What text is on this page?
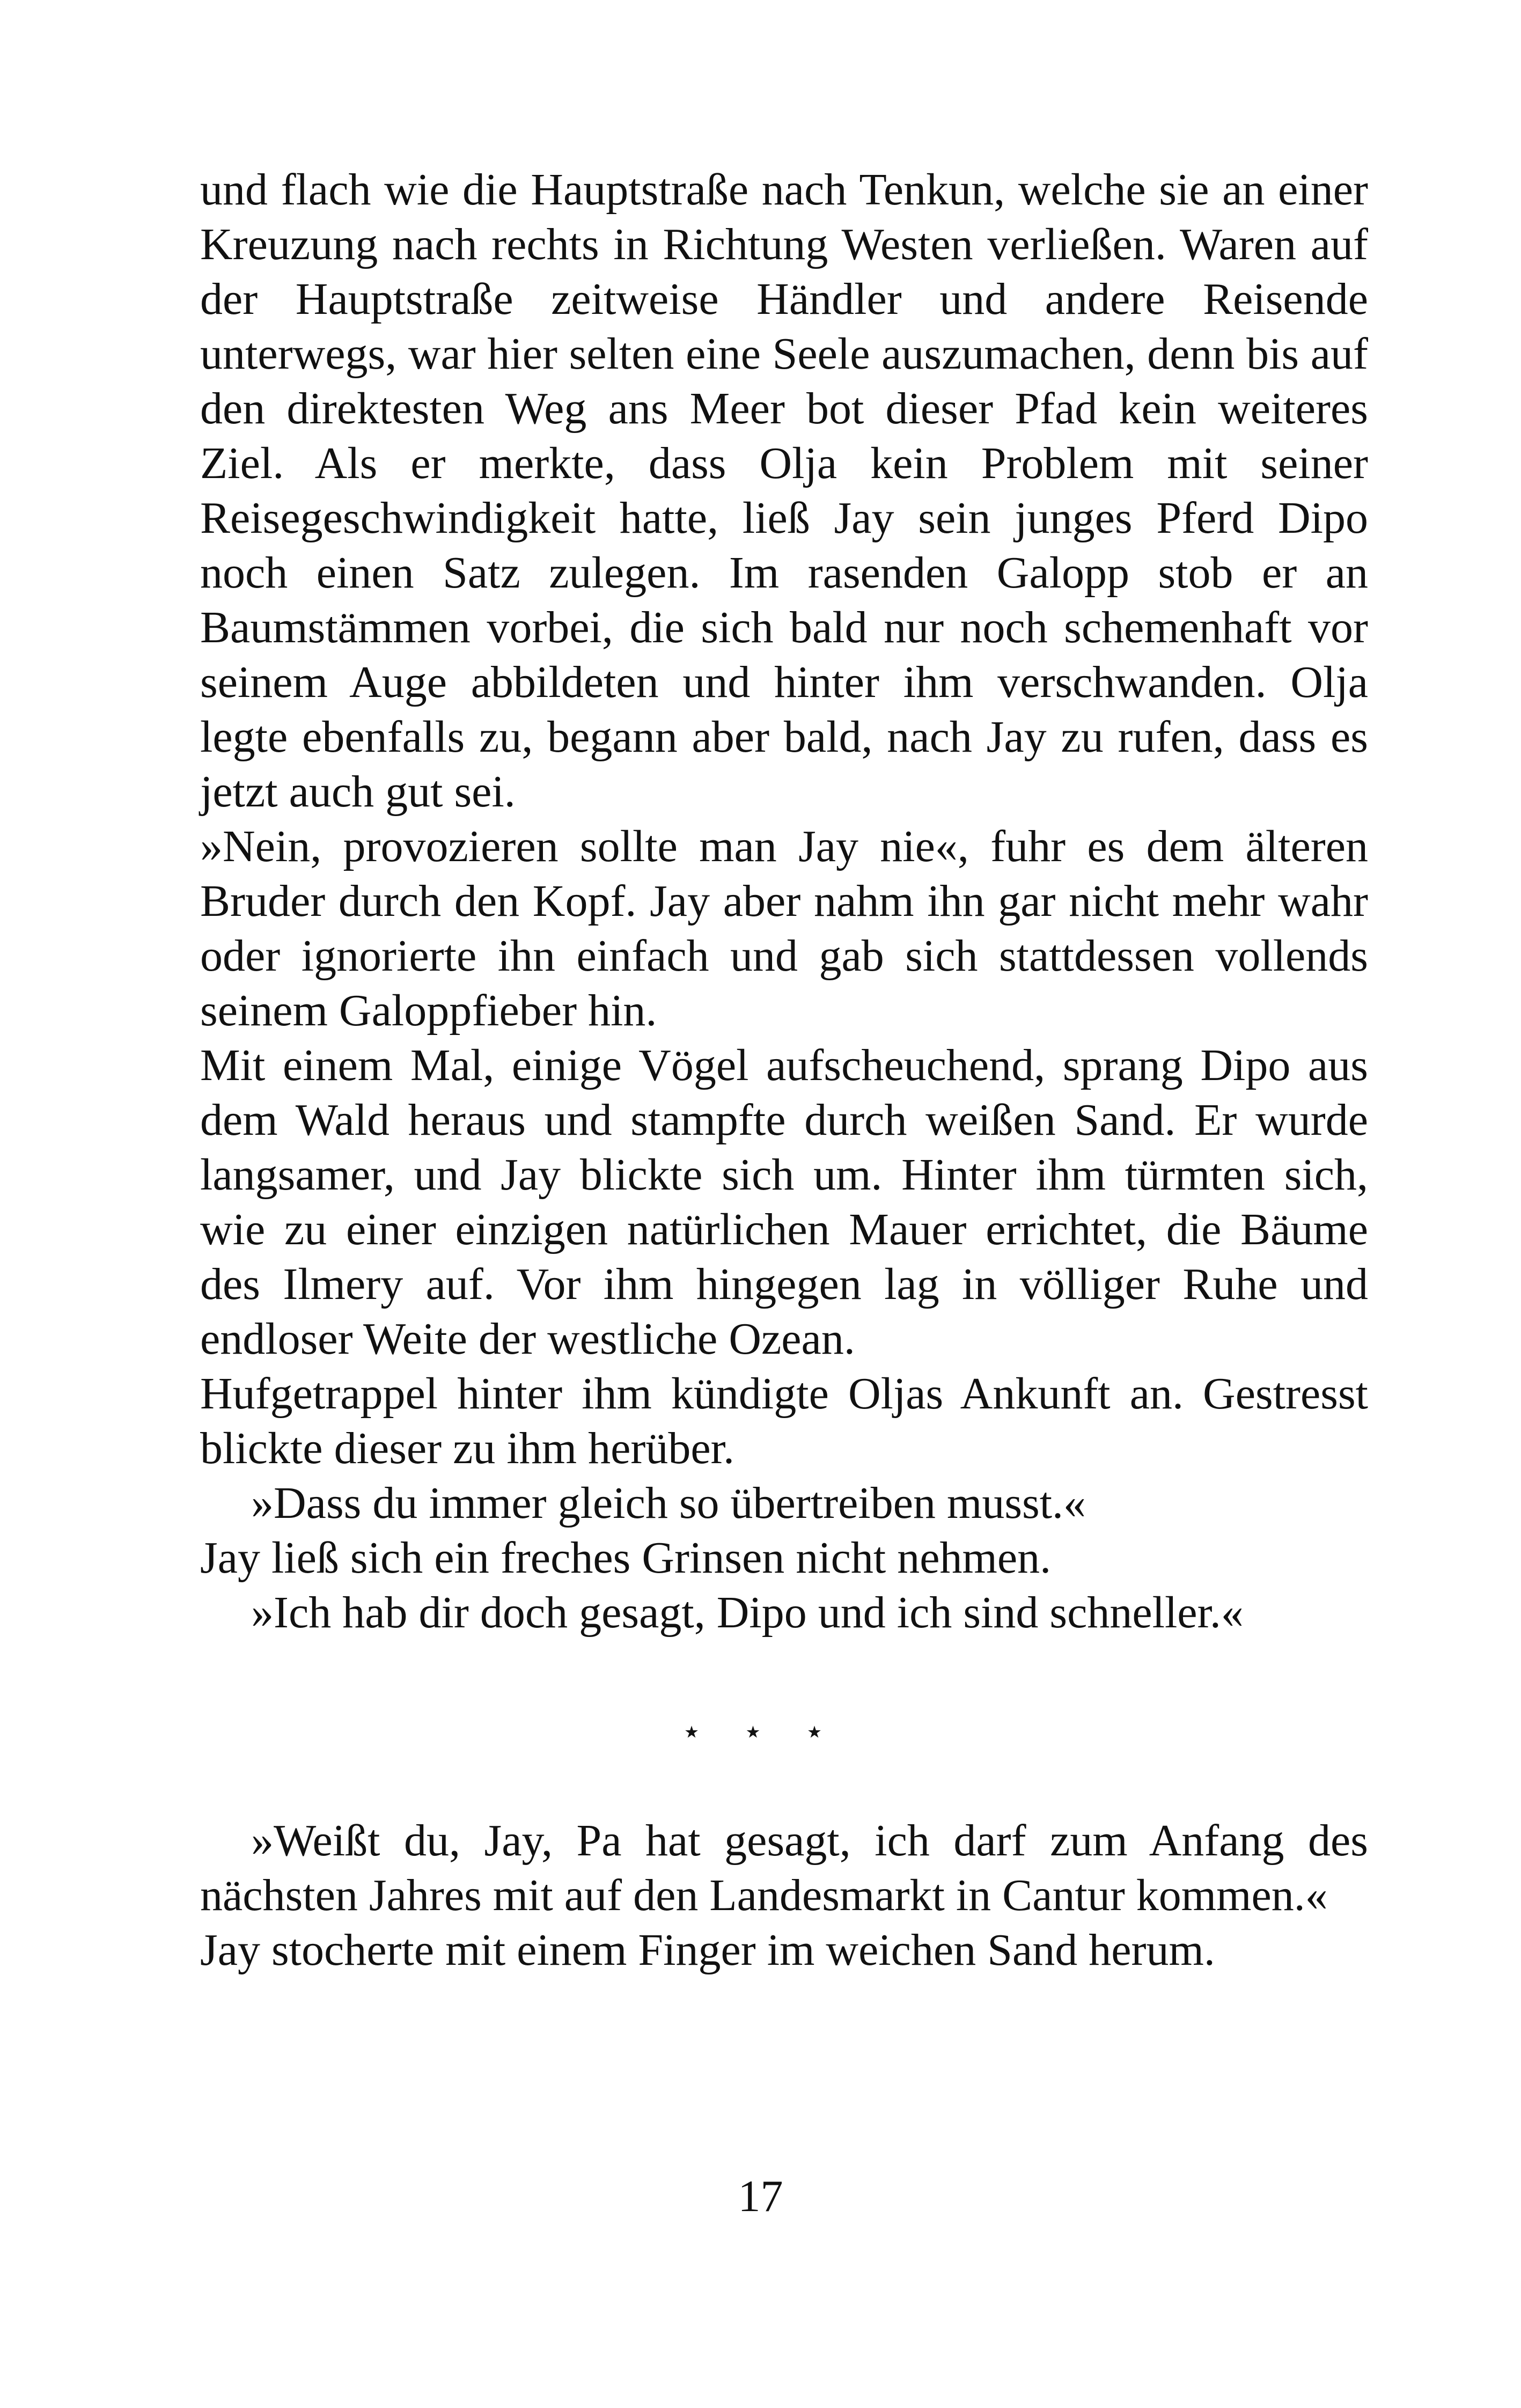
und flach wie die Hauptstraße nach Tenkun, welche sie an einer Kreuzung nach rechts in Richtung Westen verließen. Waren auf der Hauptstraße zeitweise Händler und andere Reisende unterwegs, war hier selten eine Seele auszumachen, denn bis auf den direktesten Weg ans Meer bot dieser Pfad kein weiteres Ziel. Als er merkte, dass Olja kein Problem mit seiner Reisegeschwindigkeit hatte, ließ Jay sein junges Pferd Dipo noch einen Satz zulegen. Im rasenden Galopp stob er an Baumstämmen vorbei, die sich bald nur noch schemenhaft vor seinem Auge abbildeten und hinter ihm verschwanden. Olja legte ebenfalls zu, begann aber bald, nach Jay zu rufen, dass es jetzt auch gut sei.

»Nein, provozieren sollte man Jay nie«, fuhr es dem älteren Bruder durch den Kopf. Jay aber nahm ihn gar nicht mehr wahr oder ignorierte ihn einfach und gab sich stattdessen vollends seinem Galoppfieber hin.

Mit einem Mal, einige Vögel aufscheuchend, sprang Dipo aus dem Wald heraus und stampfte durch weißen Sand. Er wurde langsamer, und Jay blickte sich um. Hinter ihm türmten sich, wie zu einer einzigen natürlichen Mauer errichtet, die Bäume des Ilmery auf. Vor ihm hingegen lag in völliger Ruhe und endloser Weite der westliche Ozean.

Hufgetrappel hinter ihm kündigte Oljas Ankunft an. Gestresst blickte dieser zu ihm herüber.

»Dass du immer gleich so übertreiben musst.«

Jay ließ sich ein freches Grinsen nicht nehmen.

»Ich hab dir doch gesagt, Dipo und ich sind schneller.«

⋆ ⋆ ⋆

»Weißt du, Jay, Pa hat gesagt, ich darf zum Anfang des nächsten Jahres mit auf den Landesmarkt in Cantur kommen.«

Jay stocherte mit einem Finger im weichen Sand herum.

17
